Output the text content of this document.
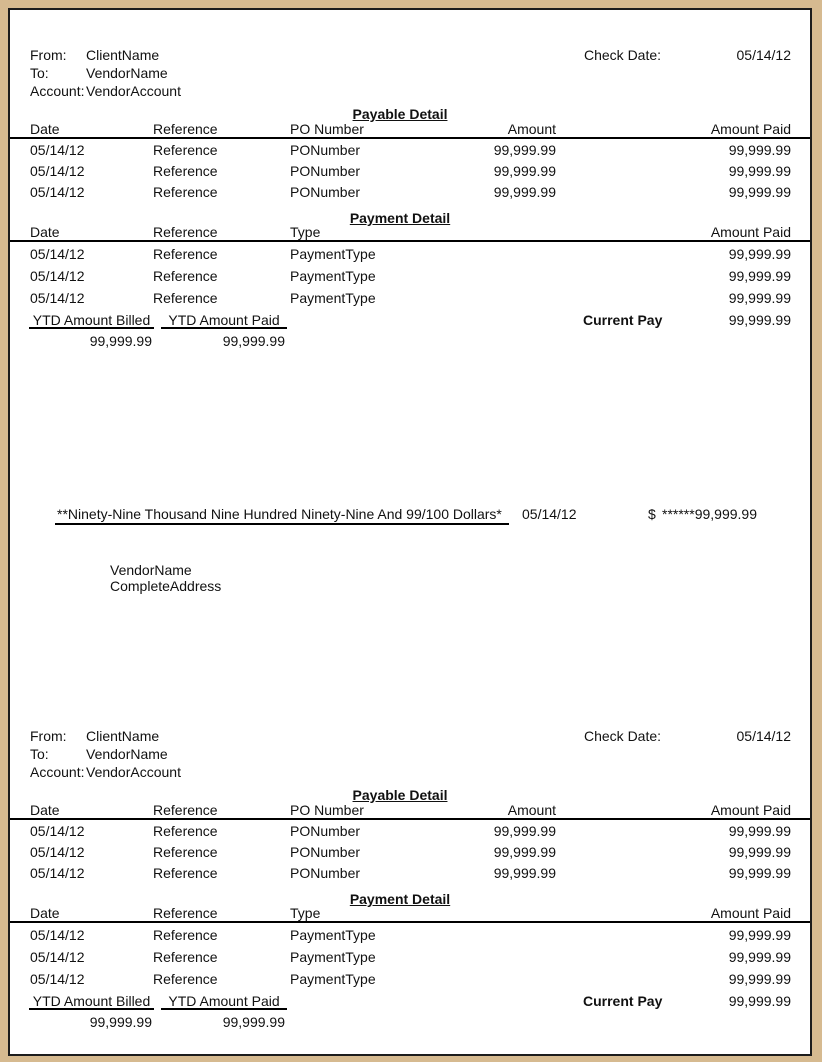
From: ClientName	Check Date:	05/14/12
To:	VendorName
Account: VendorAccount
Payable Detail
Date	Reference	PO Number	Amount	Amount Paid
05/14/12	Reference	PONumber	99,999.99	99,999.99
05/14/12	Reference	PONumber	99,999.99	99,999.99
05/14/12	Reference	PONumber	99,999.99	99,999.99
Payment Detail
Date	Reference	Type	Amount Paid
05/14/12	Reference	PaymentType	99,999.99
05/14/12	Reference	PaymentType	99,999.99
05/14/12	Reference	PaymentType	99,999.99
YTD Amount Billed	YTD Amount Paid	Current Pay	99,999.99
99,999.99	99,999.99
**Ninety-Nine Thousand Nine Hundred Ninety-Nine And 99/100 Dollars*	05/14/12	$ ******99,999.99
VendorName
CompleteAddress
From: ClientName	Check Date:	05/14/12
To:	VendorName
Account: VendorAccount
Payable Detail
Date	Reference	PO Number	Amount	Amount Paid
05/14/12	Reference	PONumber	99,999.99	99,999.99
05/14/12	Reference	PONumber	99,999.99	99,999.99
05/14/12	Reference	PONumber	99,999.99	99,999.99
Payment Detail
Date	Reference	Type	Amount Paid
05/14/12	Reference	PaymentType	99,999.99
05/14/12	Reference	PaymentType	99,999.99
05/14/12	Reference	PaymentType	99,999.99
YTD Amount Billed	YTD Amount Paid	Current Pay	99,999.99
99,999.99	99,999.99
